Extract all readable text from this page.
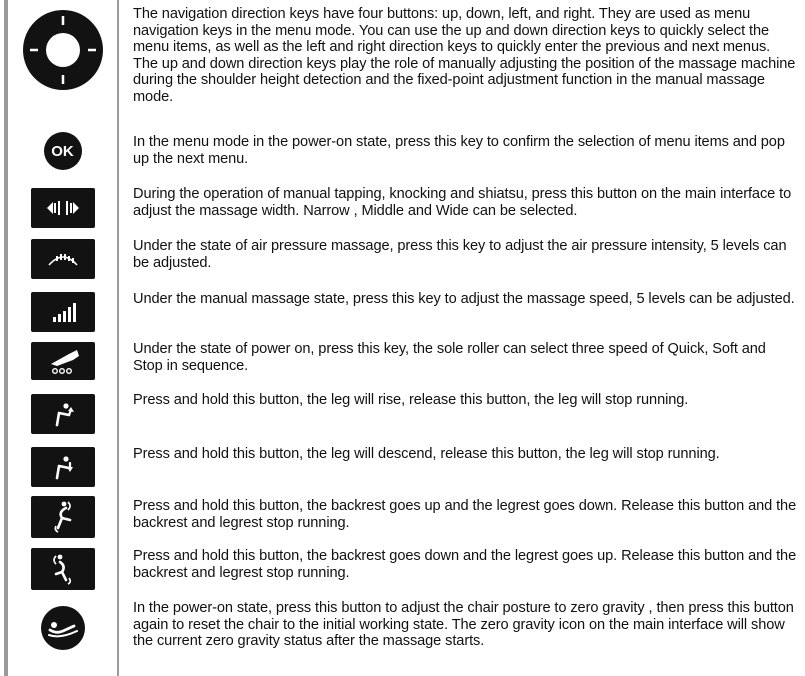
The navigation direction keys have four buttons: up, down, left, and right. They are used as menu navigation keys in the menu mode. You can use the up and down direction keys to quickly select the menu items, as well as the left and right direction keys to quickly enter the previous and next menus. The up and down direction keys play the role of manually adjusting the position of the massage machine during the shoulder height detection and the fixed-point adjustment function in the manual massage mode.
OK
In the menu mode in the power-on state, press this key to confirm the selection of menu items and pop up the next menu.
During the operation of manual tapping, knocking and shiatsu, press this button on the main interface to adjust the massage width. Narrow , Middle and Wide can be selected.
Under the state of air pressure massage, press this key to adjust the air pressure intensity, 5 levels can be adjusted.
Under the manual massage state, press this key to adjust the massage speed, 5 levels can be adjusted.
Under the state of power on, press this key, the sole roller can select three speed of Quick, Soft and Stop in sequence.
Press and hold this button, the leg will rise, release this button, the leg will stop running.
Press and hold this button, the leg will descend, release this button, the leg will stop running.
Press and hold this button, the backrest goes up and the legrest goes down. Release this button and the backrest and legrest stop running.
Press and hold this button, the backrest goes down and the legrest goes up. Release this button and the backrest and legrest stop running.
In the power-on state, press this button to adjust the chair posture to zero gravity , then press this button again to reset the chair to the initial working state. The zero gravity icon on the main interface will show the current zero gravity status after the massage starts.
